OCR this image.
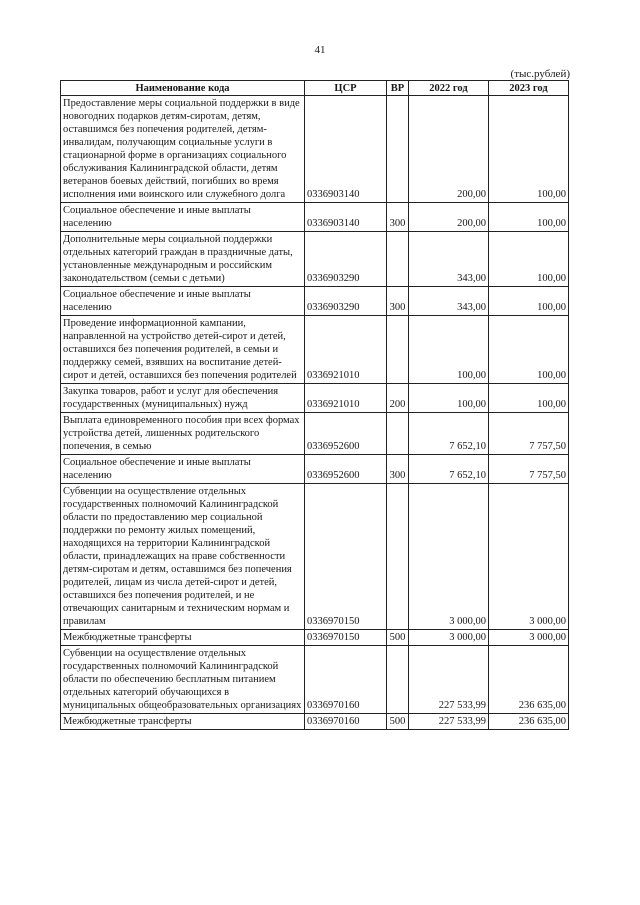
41
(тыс.рублей)
Наименование кода	ЦСР	ВР	2022 год	2023 год
Предоставление меры социальной поддержки в виде новогодних подарков детям-сиротам, детям, оставшимся без попечения родителей, детям-инвалидам, получающим социальные услуги в стационарной форме в организациях социального обслуживания Калининградской области, детям ветеранов боевых действий, погибших во время исполнения ими воинского или служебного долга	0336903140		200,00	100,00
Социальное обеспечение и иные выплаты населению	0336903140	300	200,00	100,00
Дополнительные меры социальной поддержки отдельных категорий граждан в праздничные даты, установленные международным и российским законодательством (семьи с детьми)	0336903290		343,00	100,00
Социальное обеспечение и иные выплаты населению	0336903290	300	343,00	100,00
Проведение информационной кампании, направленной на устройство детей-сирот и детей, оставшихся без попечения родителей, в семьи и поддержку семей, взявших на воспитание детей-сирот и детей, оставшихся без попечения родителей	0336921010		100,00	100,00
Закупка товаров, работ и услуг для обеспечения государственных (муниципальных) нужд	0336921010	200	100,00	100,00
Выплата единовременного пособия при всех формах устройства детей, лишенных родительского попечения, в семью	0336952600		7 652,10	7 757,50
Социальное обеспечение и иные выплаты населению	0336952600	300	7 652,10	7 757,50
Субвенции на осуществление отдельных государственных полномочий Калининградской области по предоставлению мер социальной поддержки по ремонту жилых помещений, находящихся на территории Калининградской области, принадлежащих на праве собственности детям-сиротам и детям, оставшимся без попечения родителей, лицам из числа детей-сирот и детей, оставшихся без попечения родителей, и не отвечающих санитарным и техническим нормам и правилам	0336970150		3 000,00	3 000,00
Межбюджетные трансферты	0336970150	500	3 000,00	3 000,00
Субвенции на осуществление отдельных государственных полномочий Калининградской области по обеспечению бесплатным питанием отдельных категорий обучающихся в муниципальных общеобразовательных организациях	0336970160		227 533,99	236 635,00
Межбюджетные трансферты	0336970160	500	227 533,99	236 635,00
